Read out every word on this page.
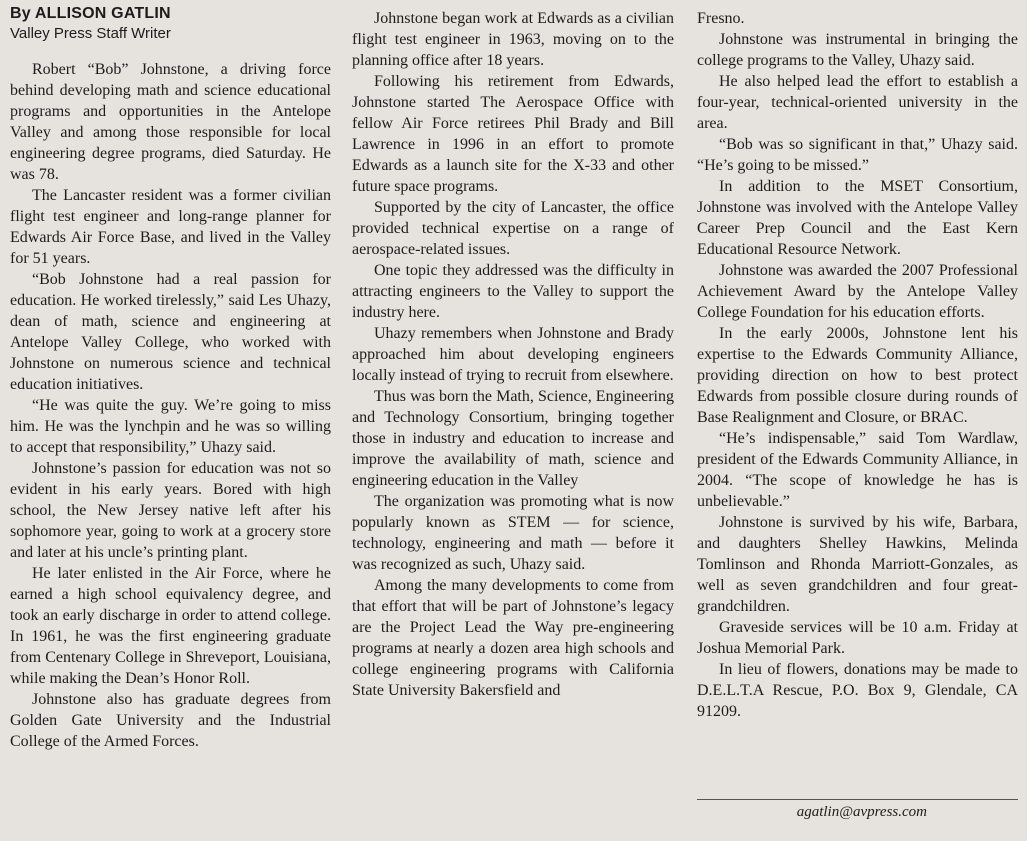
By ALLISON GATLIN
Valley Press Staff Writer

Robert “Bob” Johnstone, a driving force behind developing math and science educational programs and opportunities in the Antelope Valley and among those responsible for local engineering degree programs, died Saturday. He was 78.

The Lancaster resident was a former civilian flight test engineer and long-range planner for Edwards Air Force Base, and lived in the Valley for 51 years.

“Bob Johnstone had a real passion for education. He worked tirelessly,” said Les Uhazy, dean of math, science and engineering at Antelope Valley College, who worked with Johnstone on numerous science and technical education initiatives.

“He was quite the guy. We’re going to miss him. He was the lynchpin and he was so willing to accept that responsibility,” Uhazy said.

Johnstone’s passion for education was not so evident in his early years. Bored with high school, the New Jersey native left after his sophomore year, going to work at a grocery store and later at his uncle’s printing plant.

He later enlisted in the Air Force, where he earned a high school equivalency degree, and took an early discharge in order to attend college. In 1961, he was the first engineering graduate from Centenary College in Shreveport, Louisiana, while making the Dean’s Honor Roll.

Johnstone also has graduate degrees from Golden Gate University and the Industrial College of the Armed Forces.

Johnstone began work at Edwards as a civilian flight test engineer in 1963, moving on to the planning office after 18 years.

Following his retirement from Edwards, Johnstone started The Aerospace Office with fellow Air Force retirees Phil Brady and Bill Lawrence in 1996 in an effort to promote Edwards as a launch site for the X-33 and other future space programs.

Supported by the city of Lancaster, the office provided technical expertise on a range of aerospace-related issues.

One topic they addressed was the difficulty in attracting engineers to the Valley to support the industry here.

Uhazy remembers when Johnstone and Brady approached him about developing engineers locally instead of trying to recruit from elsewhere.

Thus was born the Math, Science, Engineering and Technology Consortium, bringing together those in industry and education to increase and improve the availability of math, science and engineering education in the Valley

The organization was promoting what is now popularly known as STEM — for science, technology, engineering and math — before it was recognized as such, Uhazy said.

Among the many developments to come from that effort that will be part of Johnstone’s legacy are the Project Lead the Way pre-engineering programs at nearly a dozen area high schools and college engineering programs with California State University Bakersfield and

Fresno.

Johnstone was instrumental in bringing the college programs to the Valley, Uhazy said.

He also helped lead the effort to establish a four-year, technical-oriented university in the area.

“Bob was so significant in that,” Uhazy said. “He’s going to be missed.”

In addition to the MSET Consortium, Johnstone was involved with the Antelope Valley Career Prep Council and the East Kern Educational Resource Network.

Johnstone was awarded the 2007 Professional Achievement Award by the Antelope Valley College Foundation for his education efforts.

In the early 2000s, Johnstone lent his expertise to the Edwards Community Alliance, providing direction on how to best protect Edwards from possible closure during rounds of Base Realignment and Closure, or BRAC.

“He’s indispensable,” said Tom Wardlaw, president of the Edwards Community Alliance, in 2004. “The scope of knowledge he has is unbelievable.”

Johnstone is survived by his wife, Barbara, and daughters Shelley Hawkins, Melinda Tomlinson and Rhonda Marriott-Gonzales, as well as seven grandchildren and four great-grandchildren.

Graveside services will be 10 a.m. Friday at Joshua Memorial Park.

In lieu of flowers, donations may be made to D.E.L.T.A Rescue, P.O. Box 9, Glendale, CA 91209.

agatlin@avpress.com
